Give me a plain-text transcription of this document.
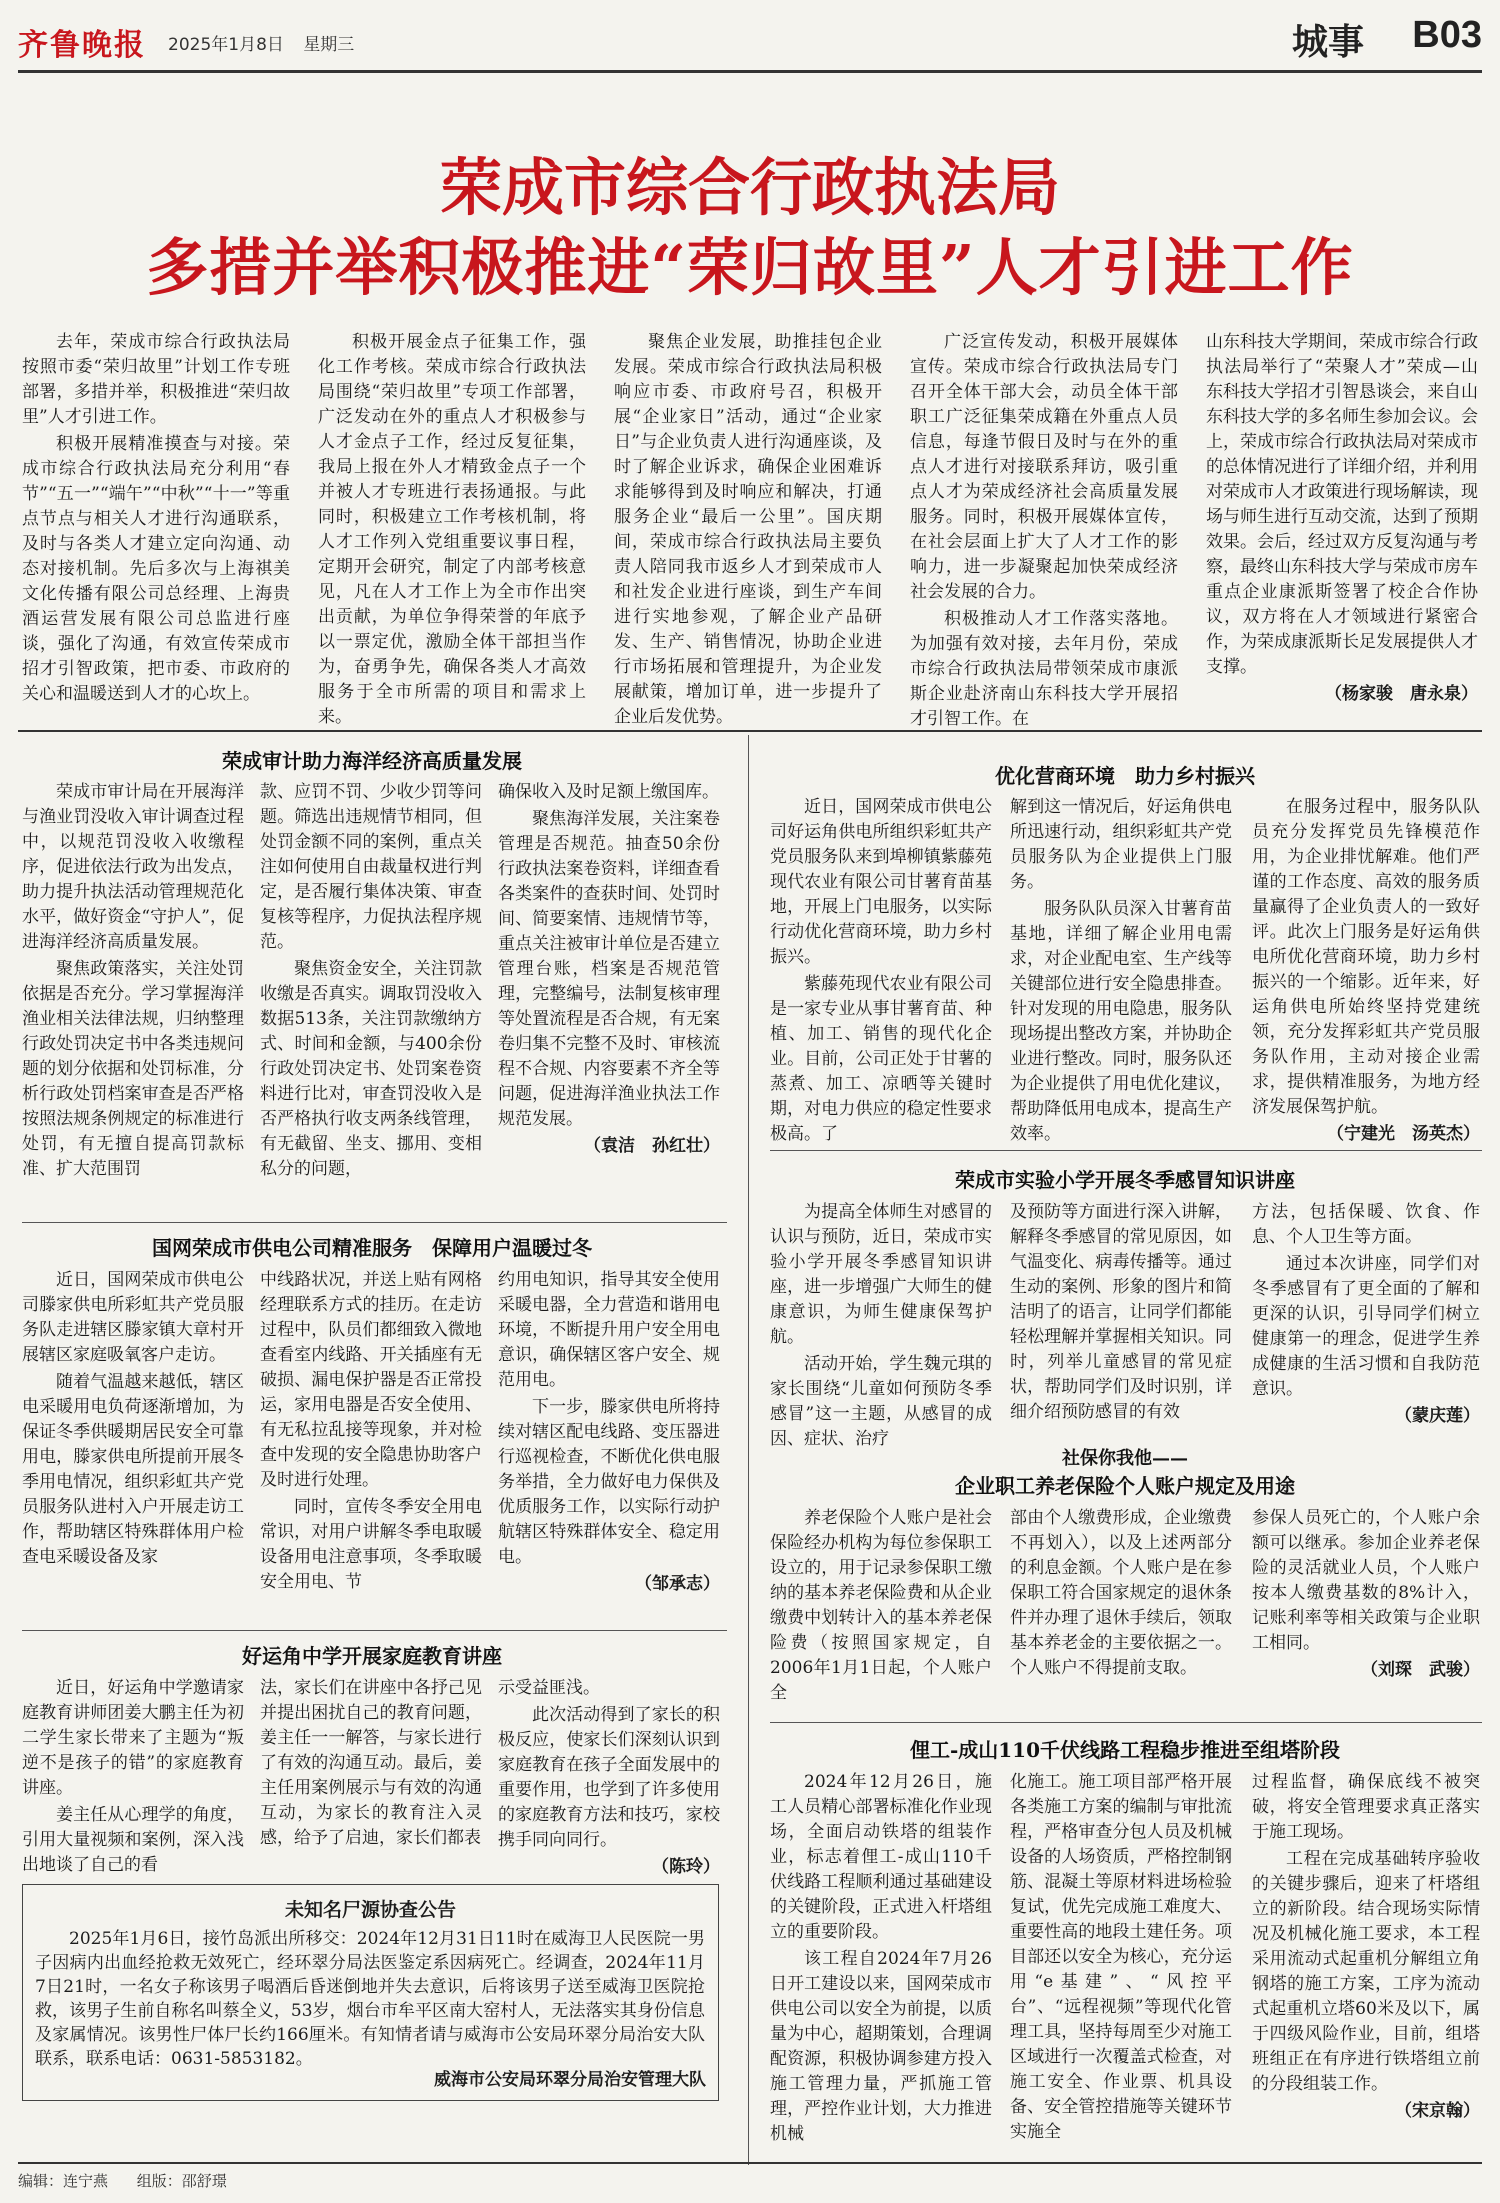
齐鲁晚报 2025年1月8日 星期三	城事 B03
荣成市综合行政执法局
多措并举积极推进“荣归故里”人才引进工作

去年，荣成市综合行政执法局按照市委“荣归故里”计划工作专班部署，多措并举，积极推进“荣归故里”人才引进工作。

积极开展精准摸查与对接。荣成市综合行政执法局充分利用“春节”“五一”“端午”“中秋”“十一”等重点节点与相关人才进行沟通联系，及时与各类人才建立定向沟通、动态对接机制。先后多次与上海祺美文化传播有限公司总经理、上海贵酒运营发展有限公司总监进行座谈，强化了沟通，有效宣传荣成市招才引智政策，把市委、市政府的关心和温暖送到人才的心坎上。

积极开展金点子征集工作，强化工作考核。荣成市综合行政执法局围绕“荣归故里”专项工作部署，广泛发动在外的重点人才积极参与人才金点子工作，经过反复征集，我局上报在外人才精致金点子一个并被人才专班进行表扬通报。与此同时，积极建立工作考核机制，将人才工作列入党组重要议事日程，定期开会研究，制定了内部考核意见，凡在人才工作上为全市作出突出贡献，为单位争得荣誉的年底予以一票定优，激励全体干部担当作为，奋勇争先，确保各类人才高效服务于全市所需的项目和需求上来。

聚焦企业发展，助推挂包企业发展。荣成市综合行政执法局积极响应市委、市政府号召，积极开展“企业家日”活动，通过“企业家日”与企业负责人进行沟通座谈，及时了解企业诉求，确保企业困难诉求能够得到及时响应和解决，打通服务企业“最后一公里”。国庆期间，荣成市综合行政执法局主要负责人陪同我市返乡人才到荣成市人和社发企业进行座谈，到生产车间进行实地参观，了解企业产品研发、生产、销售情况，协助企业进行市场拓展和管理提升，为企业发展献策，增加订单，进一步提升了企业后发优势。

广泛宣传发动，积极开展媒体宣传。荣成市综合行政执法局专门召开全体干部大会，动员全体干部职工广泛征集荣成籍在外重点人员信息，每逢节假日及时与在外的重点人才进行对接联系拜访，吸引重点人才为荣成经济社会高质量发展服务。同时，积极开展媒体宣传，在社会层面上扩大了人才工作的影响力，进一步凝聚起加快荣成经济社会发展的合力。

积极推动人才工作落实落地。为加强有效对接，去年月份，荣成市综合行政执法局带领荣成市康派斯企业赴济南山东科技大学开展招才引智工作。在

山东科技大学期间，荣成市综合行政执法局举行了“荣聚人才”荣成—山东科技大学招才引智恳谈会，来自山东科技大学的多名师生参加会议。会上，荣成市综合行政执法局对荣成市的总体情况进行了详细介绍，并利用对荣成市人才政策进行现场解读，现场与师生进行互动交流，达到了预期效果。会后，经过双方反复沟通与考察，最终山东科技大学与荣成市房车重点企业康派斯签署了校企合作协议，双方将在人才领域进行紧密合作，为荣成康派斯长足发展提供人才支撑。

（杨家骏　唐永泉）

荣成审计助力海洋经济高质量发展

荣成市审计局在开展海洋与渔业罚没收入审计调查过程中，以规范罚没收入收缴程序，促进依法行政为出发点，助力提升执法活动管理规范化水平，做好资金“守护人”，促进海洋经济高质量发展。

聚焦政策落实，关注处罚依据是否充分。学习掌握海洋渔业相关法律法规，归纳整理行政处罚决定书中各类违规问题的划分依据和处罚标准，分析行政处罚档案审查是否严格按照法规条例规定的标准进行处罚，有无擅自提高罚款标准、扩大范围罚

款、应罚不罚、少收少罚等问题。筛选出违规情节相同，但处罚金额不同的案例，重点关注如何使用自由裁量权进行判定，是否履行集体决策、审查复核等程序，力促执法程序规范。

聚焦资金安全，关注罚款收缴是否真实。调取罚没收入数据513条，关注罚款缴纳方式、时间和金额，与400余份行政处罚决定书、处罚案卷资料进行比对，审查罚没收入是否严格执行收支两条线管理，有无截留、坐支、挪用、变相私分的问题，

确保收入及时足额上缴国库。

聚焦海洋发展，关注案卷管理是否规范。抽查50余份行政执法案卷资料，详细查看各类案件的查获时间、处罚时间、简要案情、违规情节等，重点关注被审计单位是否建立管理台账，档案是否规范管理，完整编号，法制复核审理等处置流程是否合规，有无案卷归集不完整不及时、审核流程不合规、内容要素不齐全等问题，促进海洋渔业执法工作规范发展。

（袁洁　孙红壮）

国网荣成市供电公司精准服务　保障用户温暖过冬

近日，国网荣成市供电公司滕家供电所彩虹共产党员服务队走进辖区滕家镇大章村开展辖区家庭吸氧客户走访。

随着气温越来越低，辖区电采暖用电负荷逐渐增加，为保证冬季供暖期居民安全可靠用电，滕家供电所提前开展冬季用电情况，组织彩虹共产党员服务队进村入户开展走访工作，帮助辖区特殊群体用户检查电采暖设备及家

中线路状况，并送上贴有网格经理联系方式的挂历。在走访过程中，队员们都细致入微地查看室内线路、开关插座有无破损、漏电保护器是否正常投运，家用电器是否安全使用、有无私拉乱接等现象，并对检查中发现的安全隐患协助客户及时进行处理。

同时，宣传冬季安全用电常识，对用户讲解冬季电取暖设备用电注意事项，冬季取暖安全用电、节

约用电知识，指导其安全使用采暖电器，全力营造和谐用电环境，不断提升用户安全用电意识，确保辖区客户安全、规范用电。

下一步，滕家供电所将持续对辖区配电线路、变压器进行巡视检查，不断优化供电服务举措，全力做好电力保供及优质服务工作，以实际行动护航辖区特殊群体安全、稳定用电。

（邹承志）

好运角中学开展家庭教育讲座

近日，好运角中学邀请家庭教育讲师团姜大鹏主任为初二学生家长带来了主题为“叛逆不是孩子的错”的家庭教育讲座。

姜主任从心理学的角度，引用大量视频和案例，深入浅出地谈了自己的看

法，家长们在讲座中各抒己见并提出困扰自己的教育问题，姜主任一一解答，与家长进行了有效的沟通互动。最后，姜主任用案例展示与有效的沟通互动，为家长的教育注入灵感，给予了启迪，家长们都表

示受益匪浅。

此次活动得到了家长的积极反应，使家长们深刻认识到家庭教育在孩子全面发展中的重要作用，也学到了许多使用的家庭教育方法和技巧，家校携手同向同行。

（陈玲）

未知名尸源协查公告

2025年1月6日，接竹岛派出所移交：2024年12月31日11时在威海卫人民医院一男子因病内出血经抢救无效死亡，经环翠分局法医鉴定系因病死亡。经调查，2024年11月7日21时，一名女子称该男子喝酒后昏迷倒地并失去意识，后将该男子送至威海卫医院抢救，该男子生前自称名叫蔡全义，53岁，烟台市牟平区南大窑村人，无法落实其身份信息及家属情况。该男性尸体尸长约166厘米。有知情者请与威海市公安局环翠分局治安大队联系，联系电话：0631-5853182。

威海市公安局环翠分局治安管理大队
优化营商环境　助力乡村振兴

近日，国网荣成市供电公司好运角供电所组织彩虹共产党员服务队来到埠柳镇紫藤苑现代农业有限公司甘薯育苗基地，开展上门电服务，以实际行动优化营商环境，助力乡村振兴。

紫藤苑现代农业有限公司是一家专业从事甘薯育苗、种植、加工、销售的现代化企业。目前，公司正处于甘薯的蒸煮、加工、凉晒等关键时期，对电力供应的稳定性要求极高。了

解到这一情况后，好运角供电所迅速行动，组织彩虹共产党员服务队为企业提供上门服务。

服务队队员深入甘薯育苗基地，详细了解企业用电需求，对企业配电室、生产线等关键部位进行安全隐患排查。针对发现的用电隐患，服务队现场提出整改方案，并协助企业进行整改。同时，服务队还为企业提供了用电优化建议，帮助降低用电成本，提高生产效率。

在服务过程中，服务队队员充分发挥党员先锋模范作用，为企业排忧解难。他们严谨的工作态度、高效的服务质量赢得了企业负责人的一致好评。此次上门服务是好运角供电所优化营商环境，助力乡村振兴的一个缩影。近年来，好运角供电所始终坚持党建统领，充分发挥彩虹共产党员服务队作用，主动对接企业需求，提供精准服务，为地方经济发展保驾护航。

（宁建光　汤英杰）

荣成市实验小学开展冬季感冒知识讲座

为提高全体师生对感冒的认识与预防，近日，荣成市实验小学开展冬季感冒知识讲座，进一步增强广大师生的健康意识，为师生健康保驾护航。

活动开始，学生魏元琪的家长围绕“儿童如何预防冬季感冒”这一主题，从感冒的成因、症状、治疗

及预防等方面进行深入讲解，解释冬季感冒的常见原因，如气温变化、病毒传播等。通过生动的案例、形象的图片和简洁明了的语言，让同学们都能轻松理解并掌握相关知识。同时，列举儿童感冒的常见症状，帮助同学们及时识别，详细介绍预防感冒的有效

方法，包括保暖、饮食、作息、个人卫生等方面。

通过本次讲座，同学们对冬季感冒有了更全面的了解和更深的认识，引导同学们树立健康第一的理念，促进学生养成健康的生活习惯和自我防范意识。

（蒙庆莲）

社保你我他——
企业职工养老保险个人账户规定及用途

养老保险个人账户是社会保险经办机构为每位参保职工设立的，用于记录参保职工缴纳的基本养老保险费和从企业缴费中划转计入的基本养老保险费（按照国家规定，自2006年1月1日起，个人账户全

部由个人缴费形成，企业缴费不再划入），以及上述两部分的利息金额。个人账户是在参保职工符合国家规定的退休条件并办理了退休手续后，领取基本养老金的主要依据之一。个人账户不得提前支取。

参保人员死亡的，个人账户余额可以继承。参加企业养老保险的灵活就业人员，个人账户按本人缴费基数的8%计入，记账利率等相关政策与企业职工相同。

（刘琛　武骏）

俚工-成山110千伏线路工程稳步推进至组塔阶段

2024年12月26日，施工人员精心部署标准化作业现场，全面启动铁塔的组装作业，标志着俚工-成山110千伏线路工程顺利通过基础建设的关键阶段，正式进入杆塔组立的重要阶段。

该工程自2024年7月26日开工建设以来，国网荣成市供电公司以安全为前提，以质量为中心，超期策划，合理调配资源，积极协调参建方投入施工管理力量，严抓施工管理，严控作业计划，大力推进机械

化施工。施工项目部严格开展各类施工方案的编制与审批流程，严格审查分包人员及机械设备的人场资质，严格控制钢筋、混凝土等原材料进场检验复试，优先完成施工难度大、重要性高的地段土建任务。项目部还以安全为核心，充分运用“e基建”、“风控平台”、“远程视频”等现代化管理工具，坚持每周至少对施工区域进行一次覆盖式检查，对施工安全、作业票、机具设备、安全管控措施等关键环节实施全

过程监督，确保底线不被突破，将安全管理要求真正落实于施工现场。

工程在完成基础转序验收的关键步骤后，迎来了杆塔组立的新阶段。结合现场实际情况及机械化施工要求，本工程采用流动式起重机分解组立角钢塔的施工方案，工序为流动式起重机立塔60米及以下，属于四级风险作业，目前，组塔班组正在有序进行铁塔组立前的分段组装工作。

（宋京翰）

编辑：连宁燕 组版：邵舒璟
